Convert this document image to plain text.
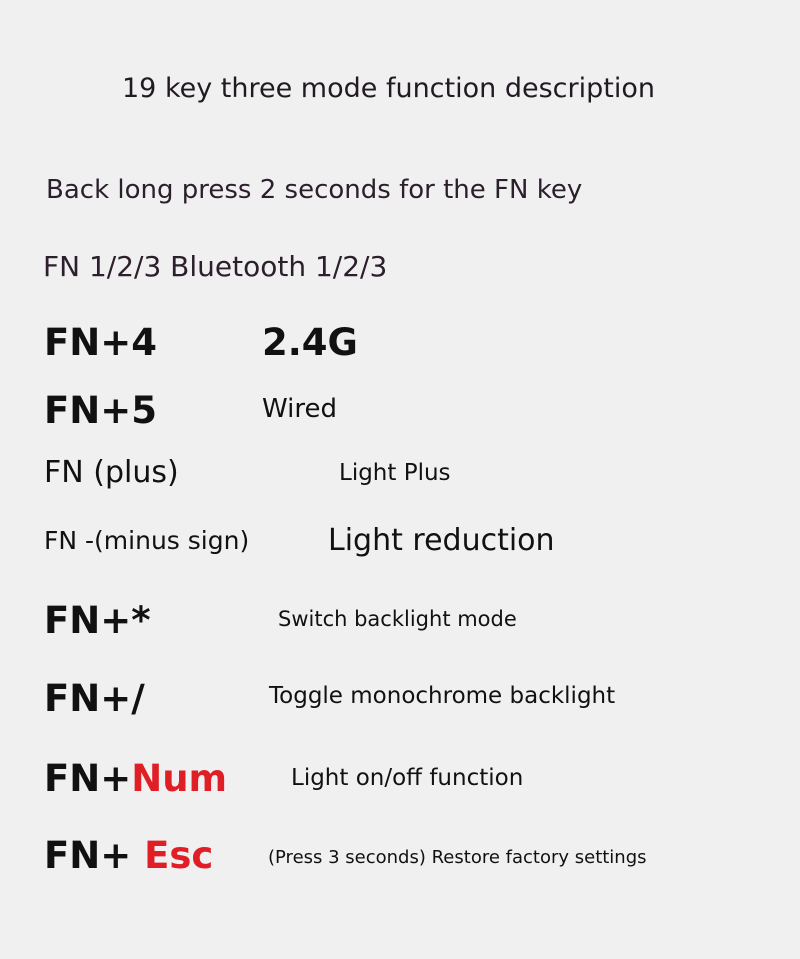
19 key three mode function description
Back long press 2 seconds for the FN key
FN 1/2/3 Bluetooth 1/2/3
FN+4	2.4G
FN+5	Wired
FN (plus)	Light Plus
FN -(minus sign)	Light reduction
FN+*	Switch backlight mode
FN+/	Toggle monochrome backlight
FN+Num	Light on/off function
FN+ Esc	(Press 3 seconds) Restore factory settings
